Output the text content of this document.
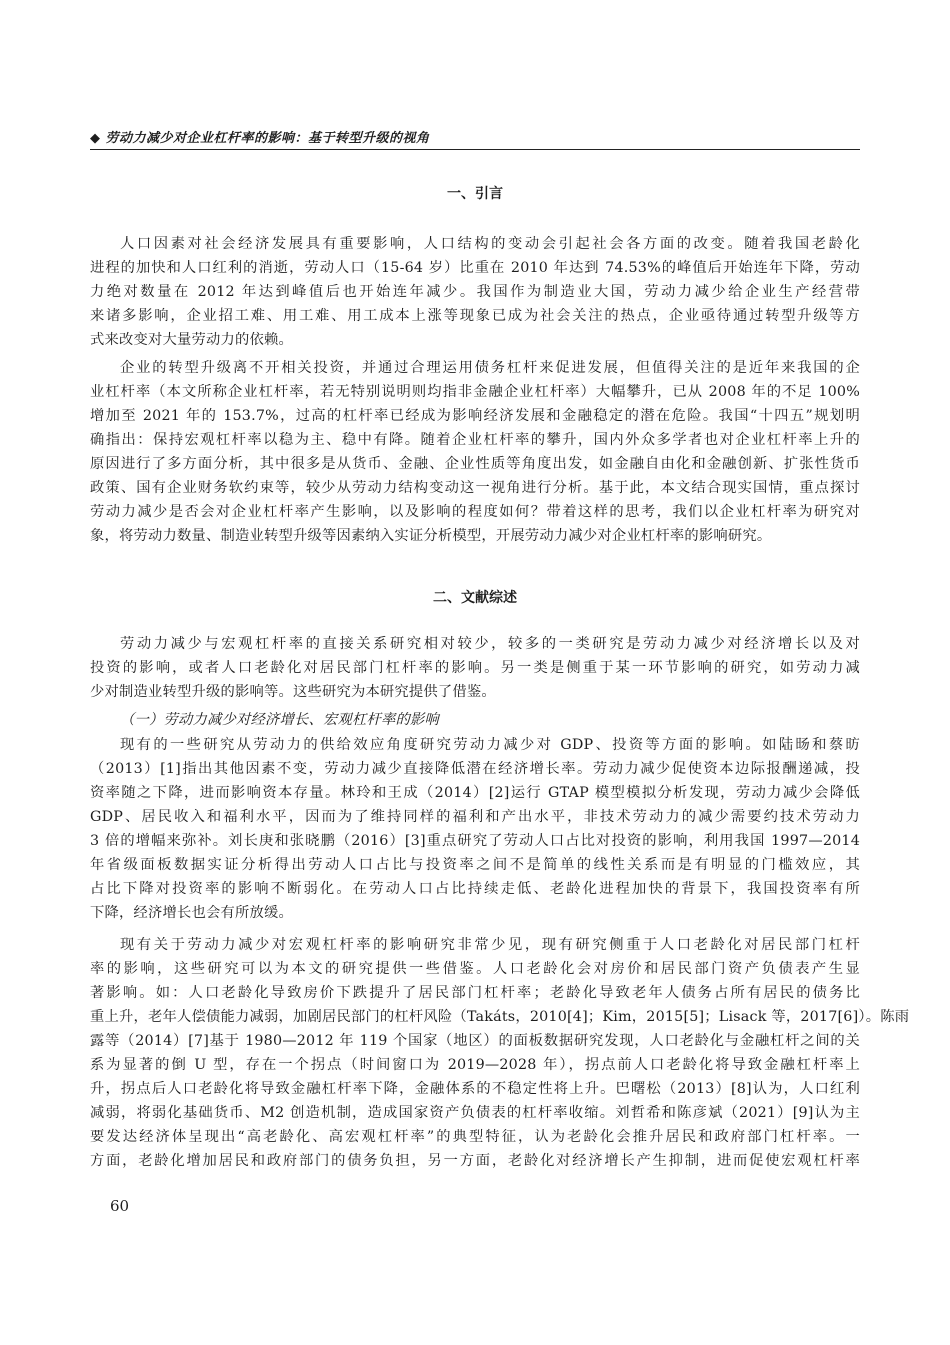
◆ 劳动力减少对企业杠杆率的影响：基于转型升级的视角
一、引言
人口因素对社会经济发展具有重要影响，人口结构的变动会引起社会各方面的改变。随着我国老龄化
进程的加快和人口红利的消逝，劳动人口（15-64 岁）比重在 2010 年达到 74.53%的峰值后开始连年下降，劳动
力绝对数量在 2012 年达到峰值后也开始连年减少。我国作为制造业大国，劳动力减少给企业生产经营带
来诸多影响，企业招工难、用工难、用工成本上涨等现象已成为社会关注的热点，企业亟待通过转型升级等方
式来改变对大量劳动力的依赖。
企业的转型升级离不开相关投资，并通过合理运用债务杠杆来促进发展，但值得关注的是近年来我国的企
业杠杆率（本文所称企业杠杆率，若无特别说明则均指非金融企业杠杆率）大幅攀升，已从 2008 年的不足 100%
增加至 2021 年的 153.7%，过高的杠杆率已经成为影响经济发展和金融稳定的潜在危险。我国“十四五”规划明
确指出：保持宏观杠杆率以稳为主、稳中有降。随着企业杠杆率的攀升，国内外众多学者也对企业杠杆率上升的
原因进行了多方面分析，其中很多是从货币、金融、企业性质等角度出发，如金融自由化和金融创新、扩张性货币
政策、国有企业财务软约束等，较少从劳动力结构变动这一视角进行分析。基于此，本文结合现实国情，重点探讨
劳动力减少是否会对企业杠杆率产生影响，以及影响的程度如何？带着这样的思考，我们以企业杠杆率为研究对
象，将劳动力数量、制造业转型升级等因素纳入实证分析模型，开展劳动力减少对企业杠杆率的影响研究。
二、文献综述
劳动力减少与宏观杠杆率的直接关系研究相对较少，较多的一类研究是劳动力减少对经济增长以及对
投资的影响，或者人口老龄化对居民部门杠杆率的影响。另一类是侧重于某一环节影响的研究，如劳动力减
少对制造业转型升级的影响等。这些研究为本研究提供了借鉴。
（一）劳动力减少对经济增长、宏观杠杆率的影响
现有的一些研究从劳动力的供给效应角度研究劳动力减少对 GDP、投资等方面的影响。如陆旸和蔡昉
（2013）[1]指出其他因素不变，劳动力减少直接降低潜在经济增长率。劳动力减少促使资本边际报酬递减，投
资率随之下降，进而影响资本存量。林玲和王成（2014）[2]运行 GTAP 模型模拟分析发现，劳动力减少会降低
GDP、居民收入和福利水平，因而为了维持同样的福利和产出水平，非技术劳动力的减少需要约技术劳动力
3 倍的增幅来弥补。刘长庚和张晓鹏（2016）[3]重点研究了劳动人口占比对投资的影响，利用我国 1997—2014
年省级面板数据实证分析得出劳动人口占比与投资率之间不是简单的线性关系而是有明显的门槛效应，其
占比下降对投资率的影响不断弱化。在劳动人口占比持续走低、老龄化进程加快的背景下，我国投资率有所
下降，经济增长也会有所放缓。
现有关于劳动力减少对宏观杠杆率的影响研究非常少见，现有研究侧重于人口老龄化对居民部门杠杆
率的影响，这些研究可以为本文的研究提供一些借鉴。人口老龄化会对房价和居民部门资产负债表产生显
著影响。如：人口老龄化导致房价下跌提升了居民部门杠杆率；老龄化导致老年人债务占所有居民的债务比
重上升，老年人偿债能力减弱，加剧居民部门的杠杆风险（Takáts，2010[4]；Kim，2015[5]；Lisack 等，2017[6]）。陈雨
露等（2014）[7]基于 1980—2012 年 119 个国家（地区）的面板数据研究发现，人口老龄化与金融杠杆之间的关
系为显著的倒 U 型，存在一个拐点（时间窗口为 2019—2028 年），拐点前人口老龄化将导致金融杠杆率上
升，拐点后人口老龄化将导致金融杠杆率下降，金融体系的不稳定性将上升。巴曙松（2013）[8]认为，人口红利
减弱，将弱化基础货币、M2 创造机制，造成国家资产负债表的杠杆率收缩。刘哲希和陈彦斌（2021）[9]认为主
要发达经济体呈现出“高老龄化、高宏观杠杆率”的典型特征，认为老龄化会推升居民和政府部门杠杆率。一
方面，老龄化增加居民和政府部门的债务负担，另一方面，老龄化对经济增长产生抑制，进而促使宏观杠杆率
60
